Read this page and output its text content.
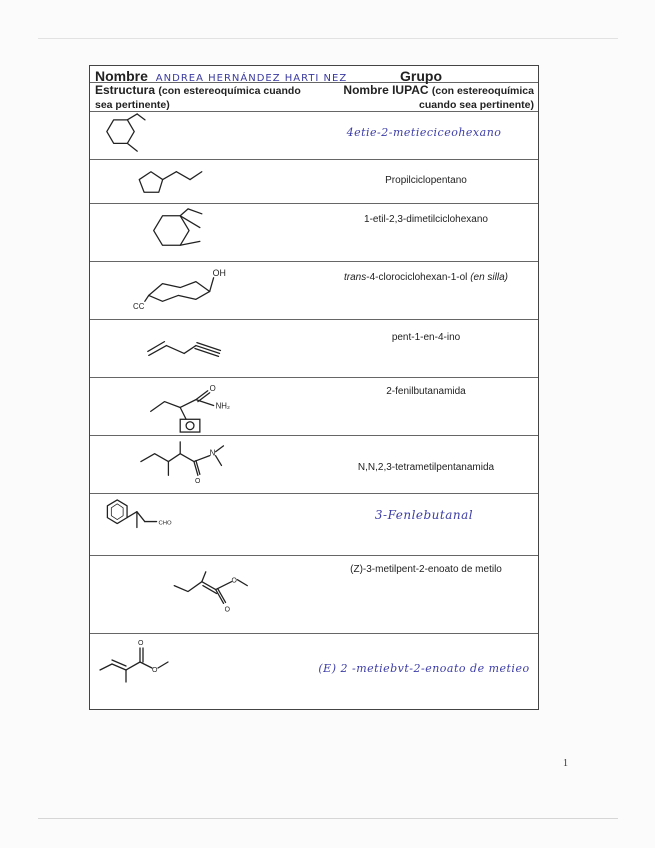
Nombre ANDREA HERNÁNDEZ HARTI NEZ	Grupo
Estructura (con estereoquímica cuando sea pertinente)
Nombre IUPAC (con estereoquímica cuando sea pertinente)
4etie-2-metieciceohexano
Propilciclopentano
1-etil-2,3-dimetilciclohexano
OH
CC
trans-4-clorociclohexan-1-ol (en silla)
pent-1-en-4-ino
O
NH₂
2-fenilbutanamida
O
N
N,N,2,3-tetrametilpentanamida
CHO
3-Fenlebutanal
O
O
(Z)-3-metilpent-2-enoato de metilo
O
O	(E) 2 -metiebvt-2-enoato de metieo
1
